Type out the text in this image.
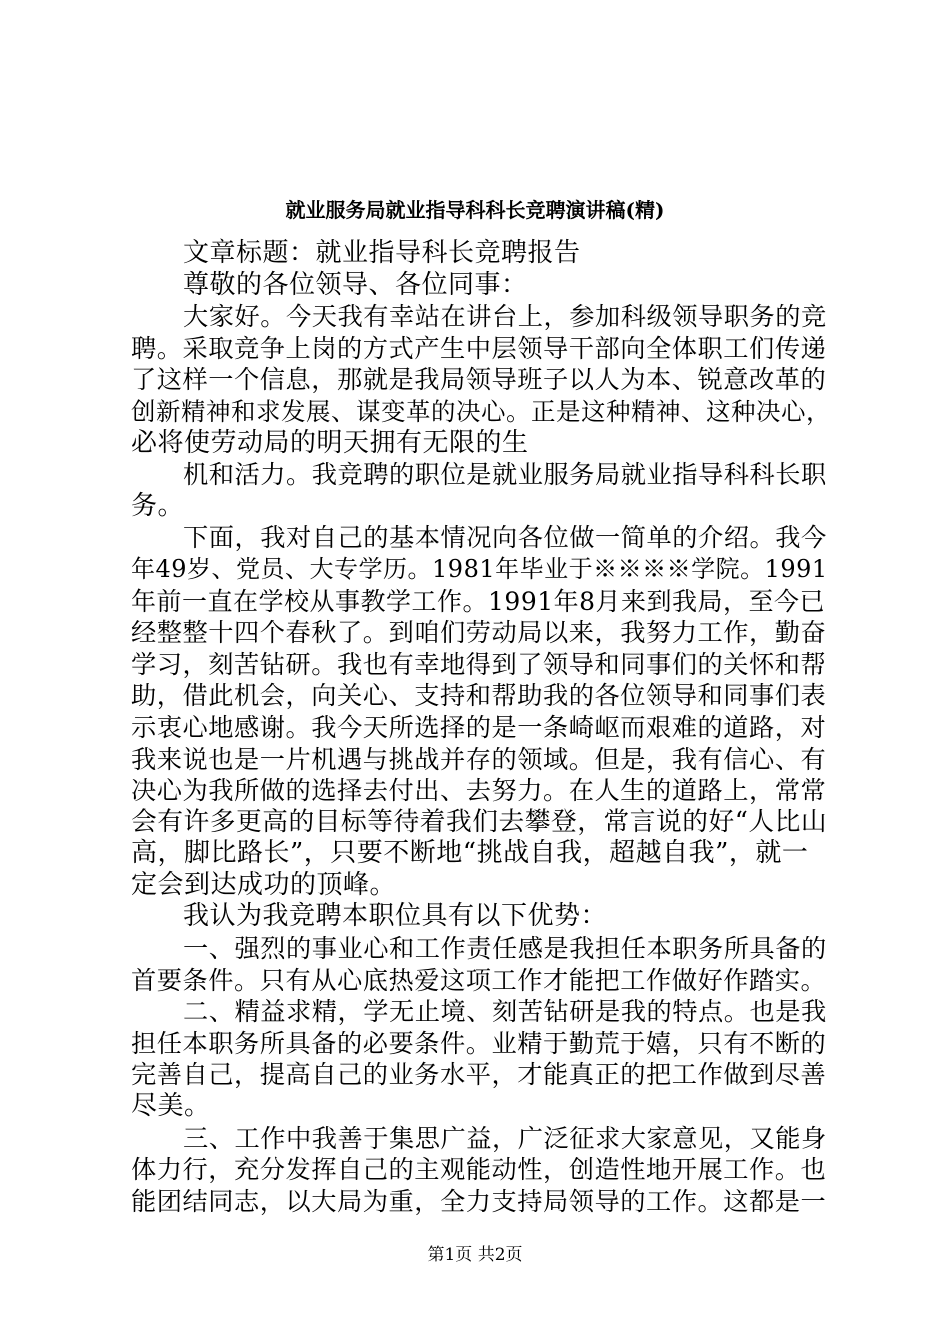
就业服务局就业指导科科长竞聘演讲稿(精)
文章标题：就业指导科长竞聘报告
尊敬的各位领导、各位同事：
大家好。今天我有幸站在讲台上，参加科级领导职务的竞
聘。采取竞争上岗的方式产生中层领导干部向全体职工们传递
了这样一个信息，那就是我局领导班子以人为本、锐意改革的
创新精神和求发展、谋变革的决心。正是这种精神、这种决心，
必将使劳动局的明天拥有无限的生
机和活力。我竞聘的职位是就业服务局就业指导科科长职
务。
下面，我对自己的基本情况向各位做一简单的介绍。我今
年49岁、党员、大专学历。1981年毕业于※※※※学院。1991
年前一直在学校从事教学工作。1991年8月来到我局，至今已
经整整十四个春秋了。到咱们劳动局以来，我努力工作，勤奋
学习，刻苦钻研。我也有幸地得到了领导和同事们的关怀和帮
助，借此机会，向关心、支持和帮助我的各位领导和同事们表
示衷心地感谢。我今天所选择的是一条崎岖而艰难的道路，对
我来说也是一片机遇与挑战并存的领域。但是，我有信心、有
决心为我所做的选择去付出、去努力。在人生的道路上，常常
会有许多更高的目标等待着我们去攀登，常言说的好“人比山
高，脚比路长”，只要不断地“挑战自我，超越自我”，就一
定会到达成功的顶峰。
我认为我竞聘本职位具有以下优势：
一、强烈的事业心和工作责任感是我担任本职务所具备的
首要条件。只有从心底热爱这项工作才能把工作做好作踏实。
二、精益求精，学无止境、刻苦钻研是我的特点。也是我
担任本职务所具备的必要条件。业精于勤荒于嬉，只有不断的
完善自己，提高自己的业务水平，才能真正的把工作做到尽善
尽美。
三、工作中我善于集思广益，广泛征求大家意见，又能身
体力行，充分发挥自己的主观能动性，创造性地开展工作。也
能团结同志，以大局为重，全力支持局领导的工作。这都是一
第1页 共2页
